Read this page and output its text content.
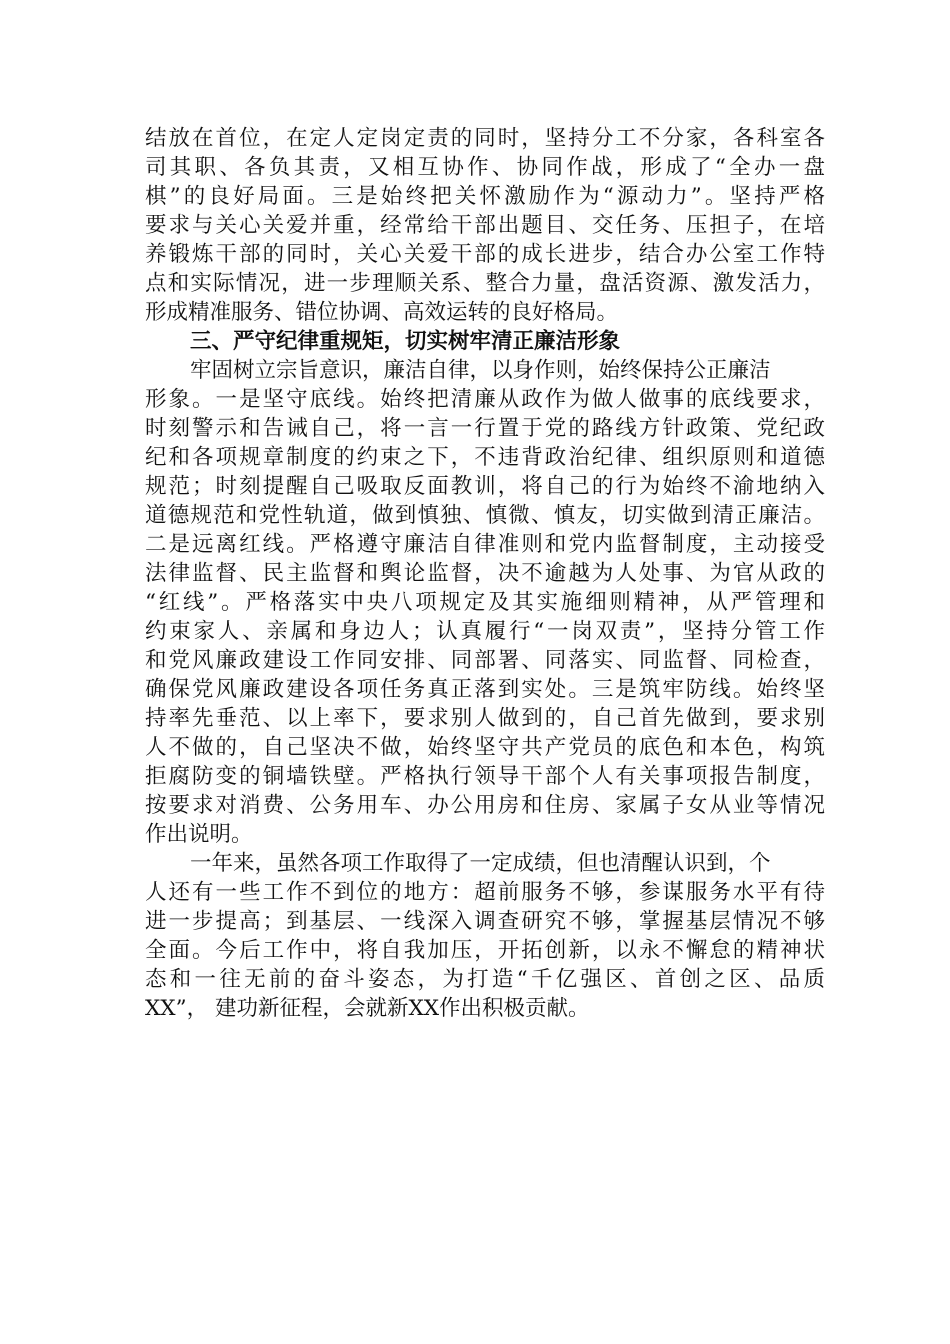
结放在首位，在定人定岗定责的同时，坚持分工不分家，各科室各
司其职、各负其责，又相互协作、协同作战，形成了“全办一盘
棋”的良好局面。三是始终把关怀激励作为“源动力”。坚持严格
要求与关心关爱并重，经常给干部出题目、交任务、压担子，在培
养锻炼干部的同时，关心关爱干部的成长进步，结合办公室工作特
点和实际情况，进一步理顺关系、整合力量，盘活资源、激发活力，
形成精准服务、错位协调、高效运转的良好格局。
三、严守纪律重规矩，切实树牢清正廉洁形象
牢固树立宗旨意识，廉洁自律，以身作则，始终保持公正廉洁
形象。一是坚守底线。始终把清廉从政作为做人做事的底线要求，
时刻警示和告诫自己，将一言一行置于党的路线方针政策、党纪政
纪和各项规章制度的约束之下，不违背政治纪律、组织原则和道德
规范；时刻提醒自己吸取反面教训，将自己的行为始终不渝地纳入
道德规范和党性轨道，做到慎独、慎微、慎友，切实做到清正廉洁。
二是远离红线。严格遵守廉洁自律准则和党内监督制度，主动接受
法律监督、民主监督和舆论监督，决不逾越为人处事、为官从政的
“红线”。严格落实中央八项规定及其实施细则精神，从严管理和
约束家人、亲属和身边人；认真履行“一岗双责”，坚持分管工作
和党风廉政建设工作同安排、同部署、同落实、同监督、同检查，
确保党风廉政建设各项任务真正落到实处。三是筑牢防线。始终坚
持率先垂范、以上率下，要求别人做到的，自己首先做到，要求别
人不做的，自己坚决不做，始终坚守共产党员的底色和本色，构筑
拒腐防变的铜墙铁壁。严格执行领导干部个人有关事项报告制度，
按要求对消费、公务用车、办公用房和住房、家属子女从业等情况
作出说明。
一年来，虽然各项工作取得了一定成绩，但也清醒认识到，个
人还有一些工作不到位的地方：超前服务不够，参谋服务水平有待
进一步提高；到基层、一线深入调查研究不够，掌握基层情况不够
全面。今后工作中，将自我加压，开拓创新，以永不懈怠的精神状
态和一往无前的奋斗姿态，为打造“千亿强区、首创之区、品质
XX”， 建功新征程，会就新XX作出积极贡献。
